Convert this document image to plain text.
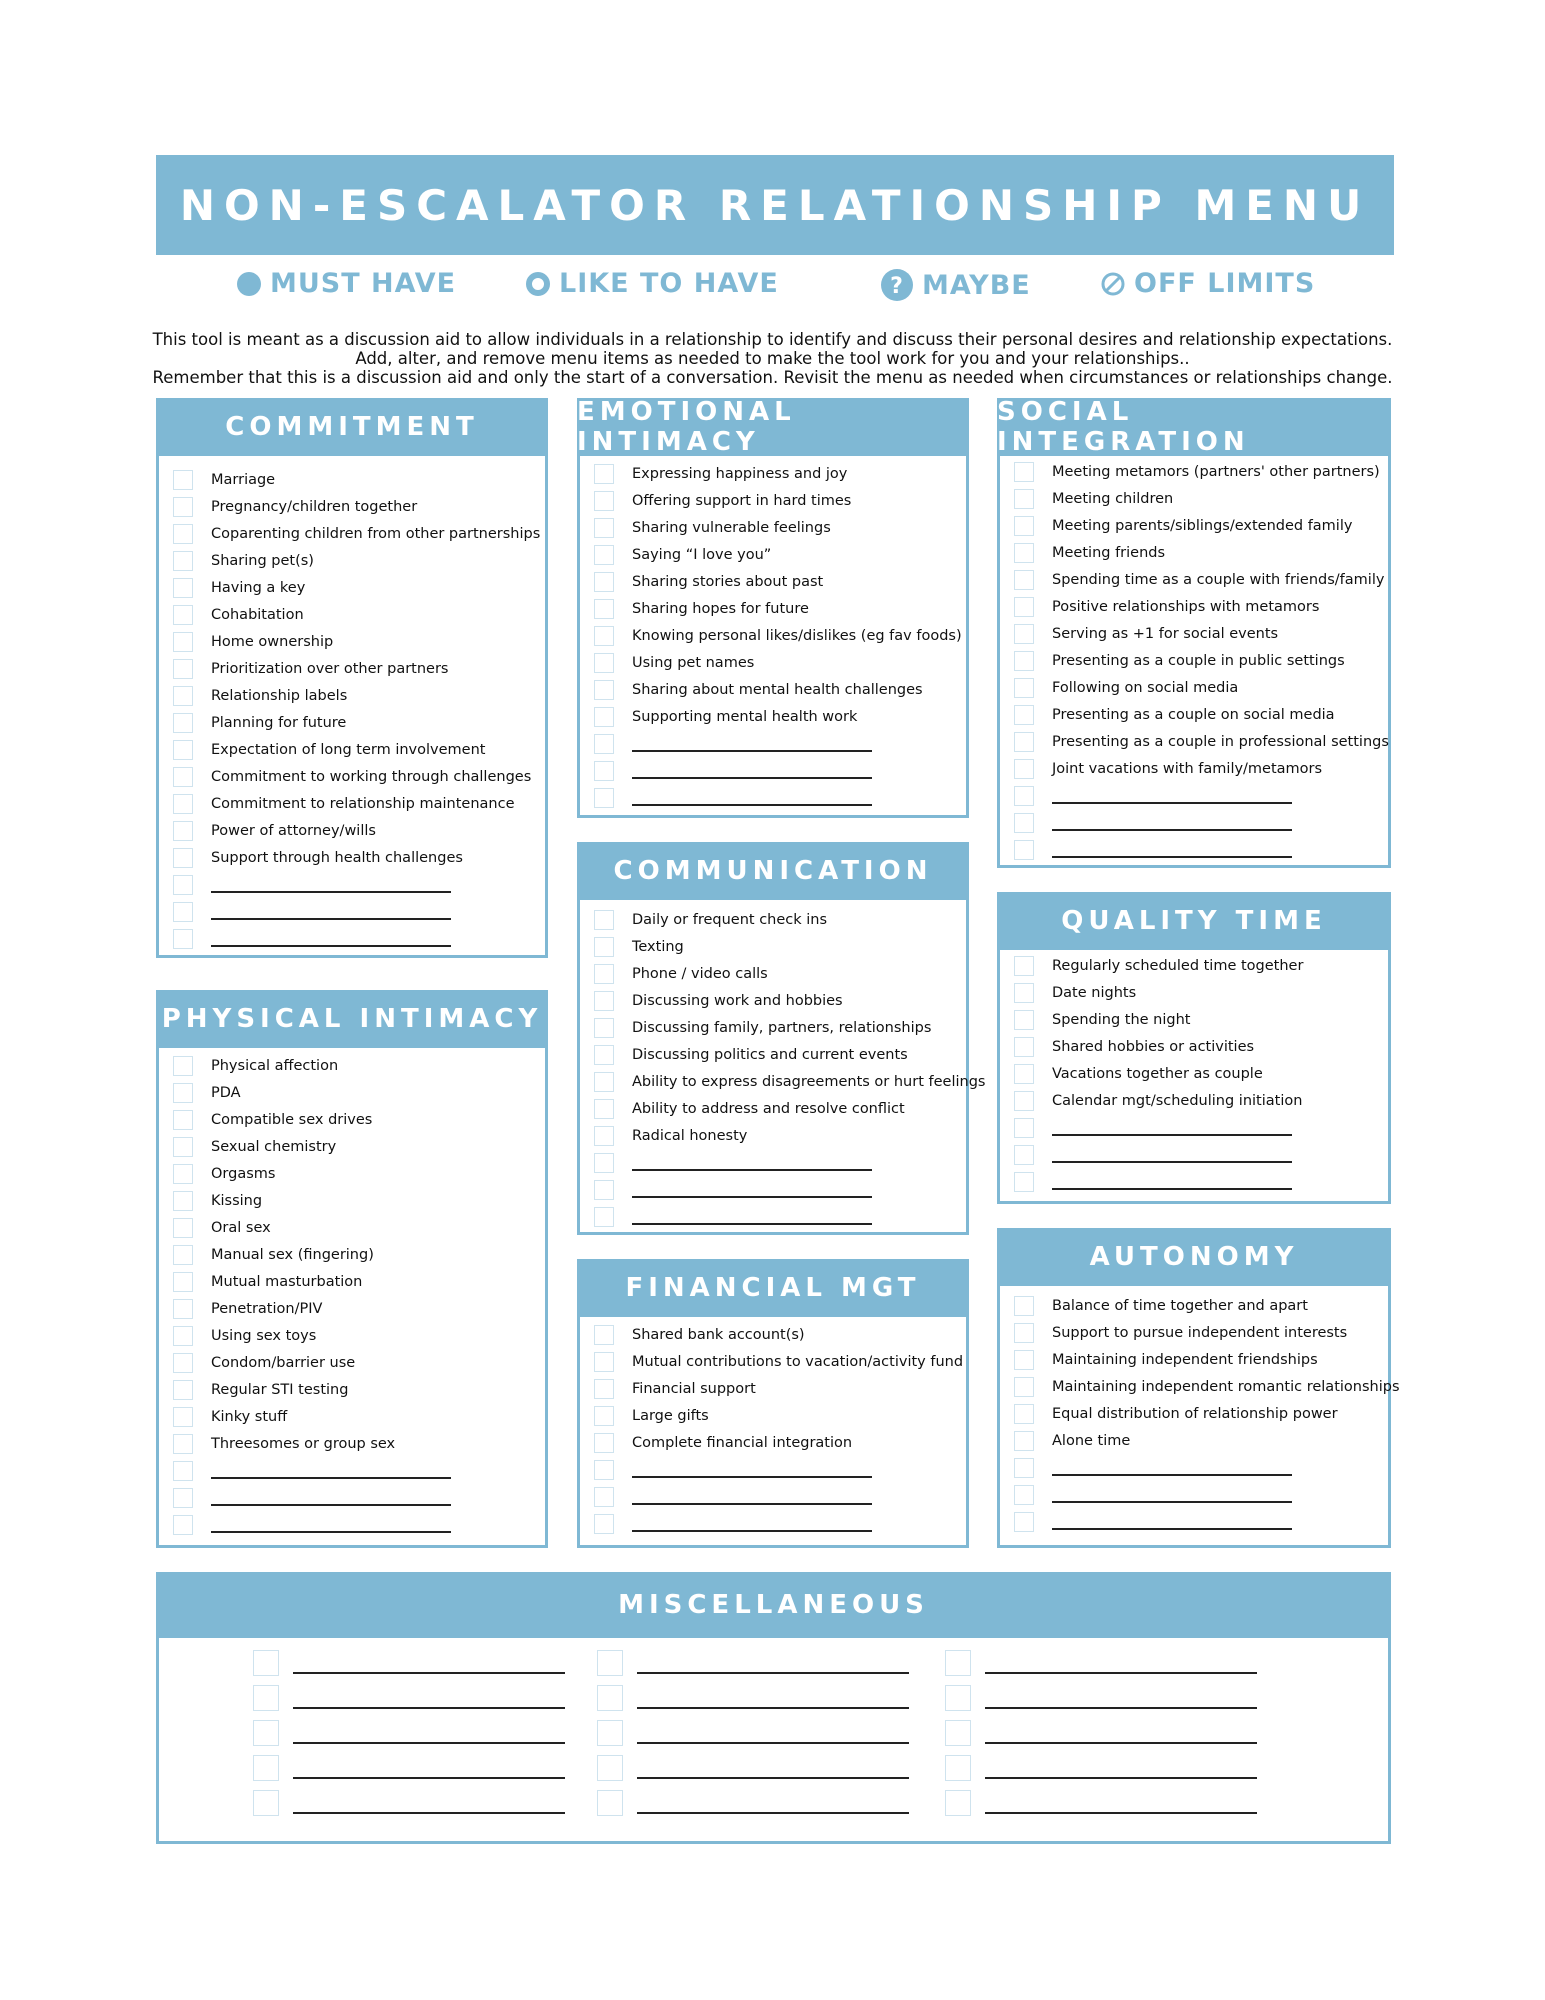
NON-ESCALATOR RELATIONSHIP MENU
MUST HAVE	LIKE TO HAVE	? MAYBE	OFF LIMITS
This tool is meant as a discussion aid to allow individuals in a relationship to identify and discuss their personal desires and relationship expectations.
Add, alter, and remove menu items as needed to make the tool work for you and your relationships..
Remember that this is a discussion aid and only the start of a conversation. Revisit the menu as needed when circumstances or relationships change.
COMMITMENT
Marriage
Pregnancy/children together
Coparenting children from other partnerships
Sharing pet(s)
Having a key
Cohabitation
Home ownership
Prioritization over other partners
Relationship labels
Planning for future
Expectation of long term involvement
Commitment to working through challenges
Commitment to relationship maintenance
Power of attorney/wills
Support through health challenges
EMOTIONAL INTIMACY
Expressing happiness and joy
Offering support in hard times
Sharing vulnerable feelings
Saying “I love you”
Sharing stories about past
Sharing hopes for future
Knowing personal likes/dislikes (eg fav foods)
Using pet names
Sharing about mental health challenges
Supporting mental health work
SOCIAL INTEGRATION
Meeting metamors (partners' other partners)
Meeting children
Meeting parents/siblings/extended family
Meeting friends
Spending time as a couple with friends/family
Positive relationships with metamors
Serving as +1 for social events
Presenting as a couple in public settings
Following on social media
Presenting as a couple on social media
Presenting as a couple in professional settings
Joint vacations with family/metamors
COMMUNICATION
Daily or frequent check ins
Texting
Phone / video calls
Discussing work and hobbies
Discussing family, partners, relationships
Discussing politics and current events
Ability to express disagreements or hurt feelings
Ability to address and resolve conflict
Radical honesty
QUALITY TIME
Regularly scheduled time together
Date nights
Spending the night
Shared hobbies or activities
Vacations together as couple
Calendar mgt/scheduling initiation
PHYSICAL INTIMACY
Physical affection
PDA
Compatible sex drives
Sexual chemistry
Orgasms
Kissing
Oral sex
Manual sex (fingering)
Mutual masturbation
Penetration/PIV
Using sex toys
Condom/barrier use
Regular STI testing
Kinky stuff
Threesomes or group sex
FINANCIAL MGT
Shared bank account(s)
Mutual contributions to vacation/activity fund
Financial support
Large gifts
Complete financial integration
AUTONOMY
Balance of time together and apart
Support to pursue independent interests
Maintaining independent friendships
Maintaining independent romantic relationships
Equal distribution of relationship power
Alone time
MISCELLANEOUS
